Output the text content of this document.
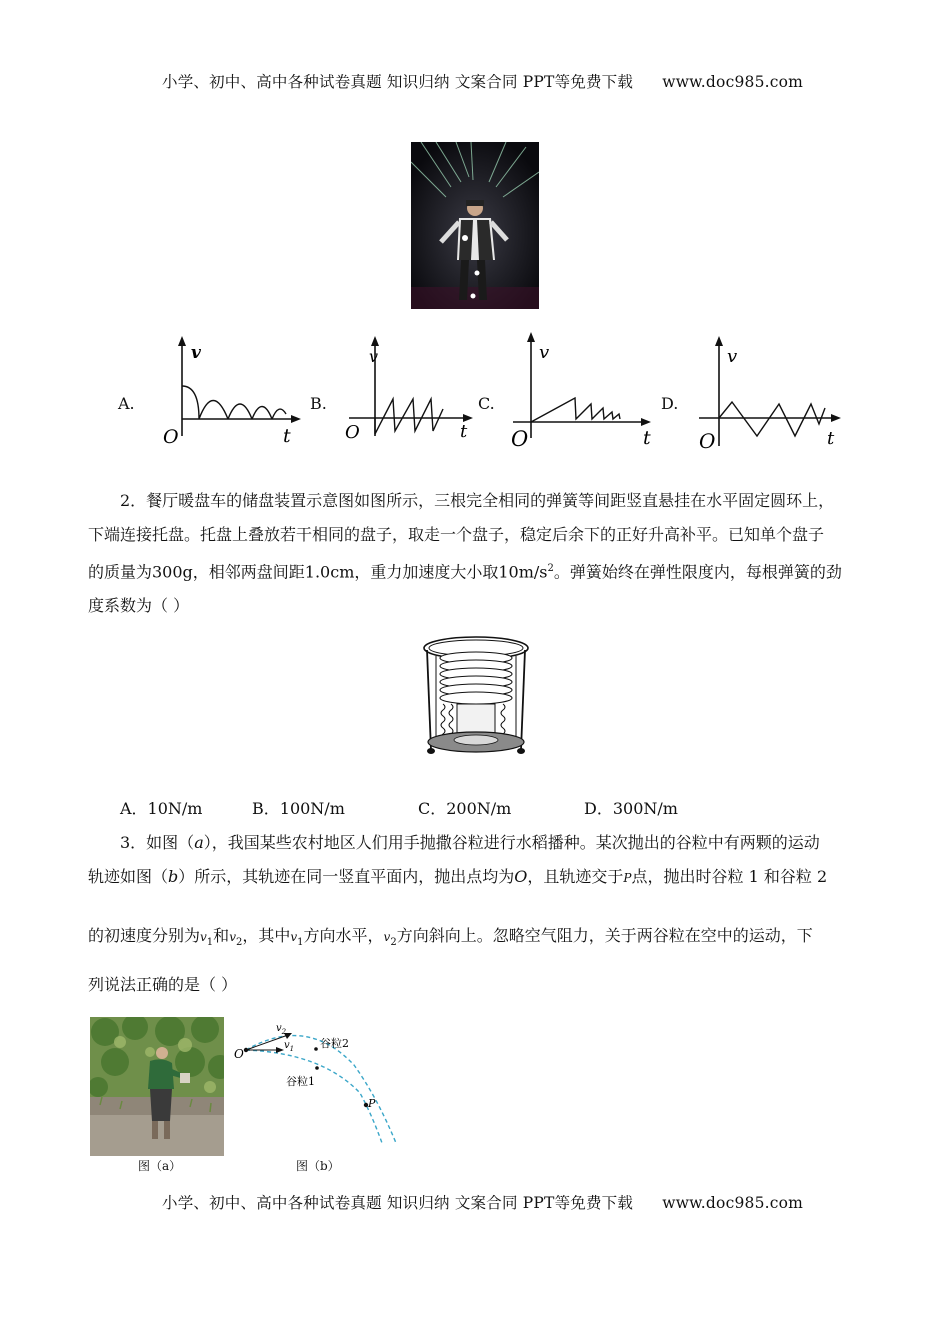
小学、初中、高中各种试卷真题 知识归纳 文案合同 PPT等免费下载 www.doc985.com
A.
v
O	t
B.
v
O	t
C.
v
O	t
D.
v
O	t

2．餐厅暖盘车的储盘装置示意图如图所示，三根完全相同的弹簧等间距竖直悬挂在水平固定圆环上，

下端连接托盘。托盘上叠放若干相同的盘子，取走一个盘子，稳定后余下的正好升高补平。已知单个盘子

的质量为300g，相邻两盘间距1.0cm，重力加速度大小取$10m/s^2$。弹簧始终在弹性限度内，每根弹簧的劲

度系数为（ ）

A．10N/m	B．100N/m	C．200N/m	D．300N/m

3．如图（a），我国某些农村地区人们用手抛撒谷粒进行水稻播种。某次抛出的谷粒中有两颗的运动

轨迹如图（b）所示，其轨迹在同一竖直平面内，抛出点均为O，且轨迹交于P点，抛出时谷粒 1 和谷粒 2

的初速度分别为$v_1$和$v_2$，其中$v_1$方向水平，$v_2$方向斜向上。忽略空气阻力，关于两谷粒在空中的运动，下

列说法正确的是（ ）

图（a）
O
P
$v_2$
$v_1$ 谷粒2
谷粒1
图（b）
小学、初中、高中各种试卷真题 知识归纳 文案合同 PPT等免费下载 www.doc985.com
